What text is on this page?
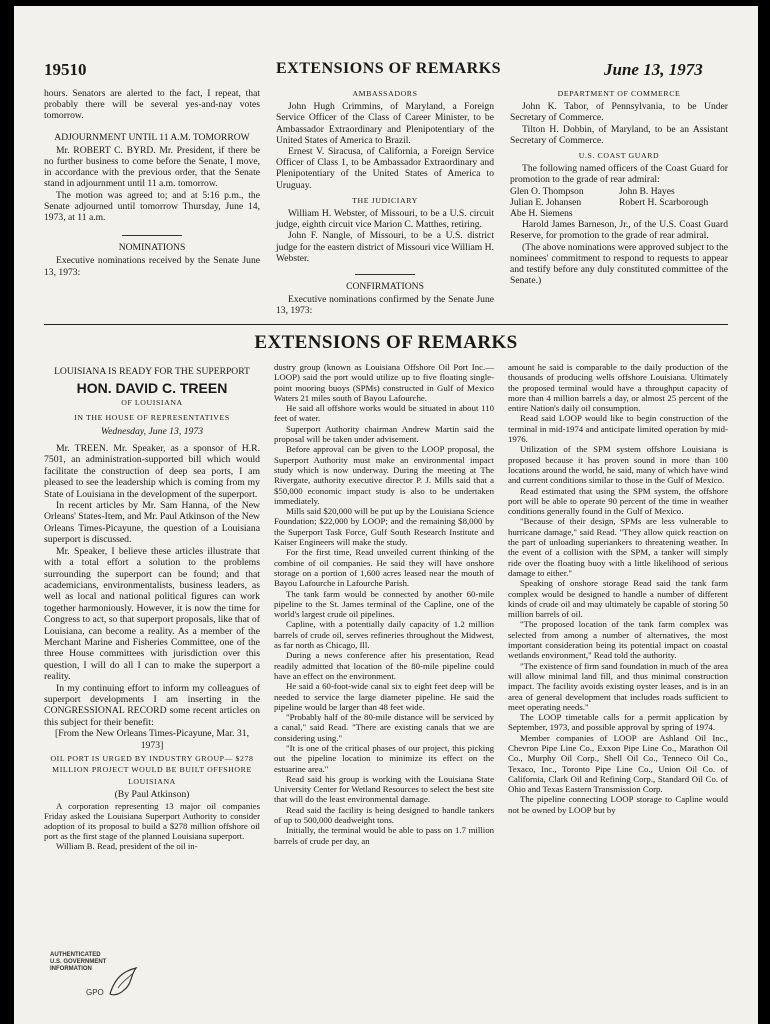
19510	EXTENSIONS OF REMARKS	June 13, 1973

hours. Senators are alerted to the fact, I repeat, that probably there will be several yes-and-nay votes tomorrow.

ADJOURNMENT UNTIL 11 A.M. TOMORROW

Mr. ROBERT C. BYRD. Mr. President, if there be no further business to come before the Senate, I move, in accordance with the previous order, that the Senate stand in adjournment until 11 a.m. tomorrow.

The motion was agreed to; and at 5:16 p.m., the Senate adjourned until tomorrow Thursday, June 14, 1973, at 11 a.m.

NOMINATIONS

Executive nominations received by the Senate June 13, 1973:

AMBASSADORS

John Hugh Crimmins, of Maryland, a Foreign Service Officer of the Class of Career Minister, to be Ambassador Extraordinary and Plenipotentiary of the United States of America to Brazil.

Ernest V. Siracusa, of California, a Foreign Service Officer of Class 1, to be Ambassador Extraordinary and Plenipotentiary of the United States of America to Uruguay.

THE JUDICIARY

William H. Webster, of Missouri, to be a U.S. circuit judge, eighth circuit vice Marion C. Matthes, retiring.

John F. Nangle, of Missouri, to be a U.S. district judge for the eastern district of Missouri vice William H. Webster.

CONFIRMATIONS

Executive nominations confirmed by the Senate June 13, 1973:

DEPARTMENT OF COMMERCE

John K. Tabor, of Pennsylvania, to be Under Secretary of Commerce.

Tilton H. Dobbin, of Maryland, to be an Assistant Secretary of Commerce.

U.S. COAST GUARD

The following named officers of the Coast Guard for promotion to the grade of rear admiral:

Glen O. Thompson	John B. Hayes
Julian E. Johansen	Robert H. Scarborough
Abe H. Siemens

Harold James Barneson, Jr., of the U.S. Coast Guard Reserve, for promotion to the grade of rear admiral.

(The above nominations were approved subject to the nominees' commitment to respond to requests to appear and testify before any duly constituted committee of the Senate.)

EXTENSIONS OF REMARKS
LOUISIANA IS READY FOR THE SUPERPORT
HON. DAVID C. TREEN
OF LOUISIANA
IN THE HOUSE OF REPRESENTATIVES
Wednesday, June 13, 1973

Mr. TREEN. Mr. Speaker, as a sponsor of H.R. 7501, an administration-supported bill which would facilitate the construction of deep sea ports, I am pleased to see the leadership which is coming from my State of Louisiana in the development of the superport.

In recent articles by Mr. Sam Hanna, of the New Orleans' States-Item, and Mr. Paul Atkinson of the New Orleans Times-Picayune, the question of a Louisiana superport is discussed.

Mr. Speaker, I believe these articles illustrate that with a total effort a solution to the problems surrounding the superport can be found; and that academicians, environmentalists, business leaders, as well as local and national political figures can work together harmoniously. However, it is now the time for Congress to act, so that superport proposals, like that of Louisiana, can become a reality. As a member of the Merchant Marine and Fisheries Committee, one of the three House committees with jurisdiction over this question, I will do all I can to make the superport a reality.

In my continuing effort to inform my colleagues of superport developments I am inserting in the CONGRESSIONAL RECORD some recent articles on this subject for their benefit:

[From the New Orleans Times-Picayune, Mar. 31, 1973]
OIL PORT IS URGED BY INDUSTRY GROUP— $278 MILLION PROJECT WOULD BE BUILT OFFSHORE LOUISIANA
(By Paul Atkinson)

A corporation representing 13 major oil companies Friday asked the Louisiana Superport Authority to consider adoption of its proposal to build a $278 million offshore oil port as the first stage of the planned Louisiana superport.

William B. Read, president of the oil in-

dustry group (known as Louisiana Offshore Oil Port Inc.—LOOP) said the port would utilize up to five floating single-point mooring buoys (SPMs) constructed in Gulf of Mexico Waters 21 miles south of Bayou Lafourche.

He said all offshore works would be situated in about 110 feet of water.

Superport Authority chairman Andrew Martin said the proposal will be taken under advisement.

Before approval can be given to the LOOP proposal, the Superport Authority must make an environmental impact study which is now underway. During the meeting at The Rivergate, authority executive director P. J. Mills said that a $50,000 economic impact study is also to be undertaken immediately.

Mills said $20,000 will be put up by the Louisiana Science Foundation; $22,000 by LOOP; and the remaining $8,000 by the Superport Task Force, Gulf South Research Institute and Kaiser Engineers will make the study.

For the first time, Read unveiled current thinking of the combine of oil companies. He said they will have onshore storage on a portion of 1,600 acres leased near the mouth of Bayou Lafourche in Lafourche Parish.

The tank farm would be connected by another 60-mile pipeline to the St. James terminal of the Capline, one of the world's largest crude oil pipelines.

Capline, with a potentially daily capacity of 1.2 million barrels of crude oil, serves refineries throughout the Midwest, as far north as Chicago, Ill.

During a news conference after his presentation, Read readily admitted that location of the 80-mile pipeline could have an effect on the environment.

He said a 60-foot-wide canal six to eight feet deep will be needed to service the large diameter pipeline. He said the pipeline would be larger than 48 feet wide.

"Probably half of the 80-mile distance will be serviced by a canal," said Read. "There are existing canals that we are considering using."

"It is one of the critical phases of our project, this picking out the pipeline location to minimize its effect on the estuarine area."

Read said his group is working with the Louisiana State University Center for Wetland Resources to select the best site that will do the least environmental damage.

Read said the facility is being designed to handle tankers of up to 500,000 deadweight tons.

Initially, the terminal would be able to pass on 1.7 million barrels of crude per day, an

amount he said is comparable to the daily production of the thousands of producing wells offshore Louisiana. Ultimately the proposed terminal would have a throughput capacity of more than 4 million barrels a day, or almost 25 percent of the entire Nation's daily oil consumption.

Read said LOOP would like to begin construction of the terminal in mid-1974 and anticipate limited operation by mid-1976.

Utilization of the SPM system offshore Louisiana is proposed because it has proven sound in more than 100 locations around the world, he said, many of which have wind and current conditions similar to those in the Gulf of Mexico.

Read estimated that using the SPM system, the offshore port will be able to operate 90 percent of the time in weather conditions generally found in the Gulf of Mexico.

"Because of their design, SPMs are less vulnerable to hurricane damage," said Read. "They allow quick reaction on the part of unloading superiankers to threatening weather. In the event of a collision with the SPM, a tanker will simply ride over the floating buoy with a little likelihood of serious damage to either."

Speaking of onshore storage Read said the tank farm complex would be designed to handle a number of different kinds of crude oil and may ultimately be capable of storing 50 million barrels of oil.

"The proposed location of the tank farm complex was selected from among a number of alternatives, the most important consideration being its potential impact on coastal wetlands environment," Read told the authority.

"The existence of firm sand foundation in much of the area will allow minimal land fill, and thus minimal construction impact. The facility avoids existing oyster leases, and is in an area of general development that includes roads sufficient to meet operating needs."

The LOOP timetable calls for a permit application by September, 1973, and possible approval by spring of 1974.

Member companies of LOOP are Ashland Oil Inc., Chevron Pipe Line Co., Exxon Pipe Line Co., Marathon Oil Co., Murphy Oil Corp., Shell Oil Co., Tenneco Oil Co., Texaco, Inc., Toronto Pipe Line Co., Union Oil Co. of California, Clark Oil and Refining Corp., Standard Oil Co. of Ohio and Texas Eastern Transmission Corp.

The pipeline connecting LOOP storage to Capline would not be owned by LOOP but by

AUTHENTICATED
U.S. GOVERNMENT
INFORMATION
GPO
